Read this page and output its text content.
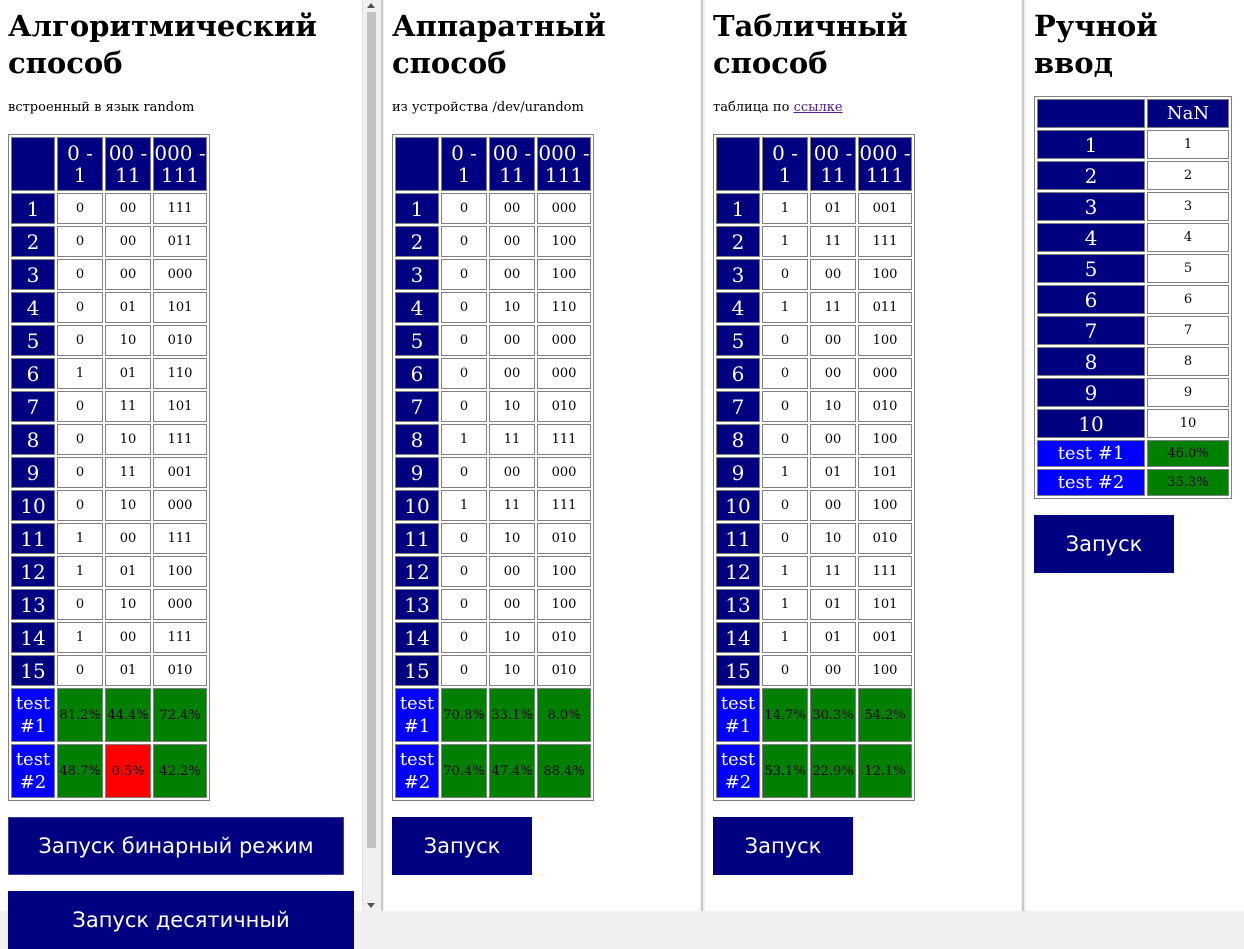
Алгоритмический способ
встроенный в язык random
	0 - 1	00 - 11	000 - 111
1	0	00	111
2	0	00	011
3	0	00	000
4	0	01	101
5	0	10	010
6	1	01	110
7	0	11	101
8	0	10	111
9	0	11	001
10	0	10	000
11	1	00	111
12	1	01	100
13	0	10	000
14	1	00	111
15	0	01	010
test #1	81.2%	44.4%	72.4%
test #2	48.7%	0.5%	42.2%
Запуск бинарный режим
Запуск десятичный
Аппаратный способ
из устройства /dev/urandom
	0 - 1	00 - 11	000 - 111
1	0	00	000
2	0	00	100
3	0	00	100
4	0	10	110
5	0	00	000
6	0	00	000
7	0	10	010
8	1	11	111
9	0	00	000
10	1	11	111
11	0	10	010
12	0	00	100
13	0	00	100
14	0	10	010
15	0	10	010
test #1	70.8%	33.1%	8.0%
test #2	70.4%	47.4%	88.4%
Запуск
Табличный способ
таблица по ссылке
	0 - 1	00 - 11	000 - 111
1	1	01	001
2	1	11	111
3	0	00	100
4	1	11	011
5	0	00	100
6	0	00	000
7	0	10	010
8	0	00	100
9	1	01	101
10	0	00	100
11	0	10	010
12	1	11	111
13	1	01	101
14	1	01	001
15	0	00	100
test #1	14.7%	30.3%	54.2%
test #2	53.1%	22.9%	12.1%
Запуск
Ручной ввод
	NaN
1	1
2	2
3	3
4	4
5	5
6	6
7	7
8	8
9	9
10	10
test #1	46.0%
test #2	35.3%
Запуск
